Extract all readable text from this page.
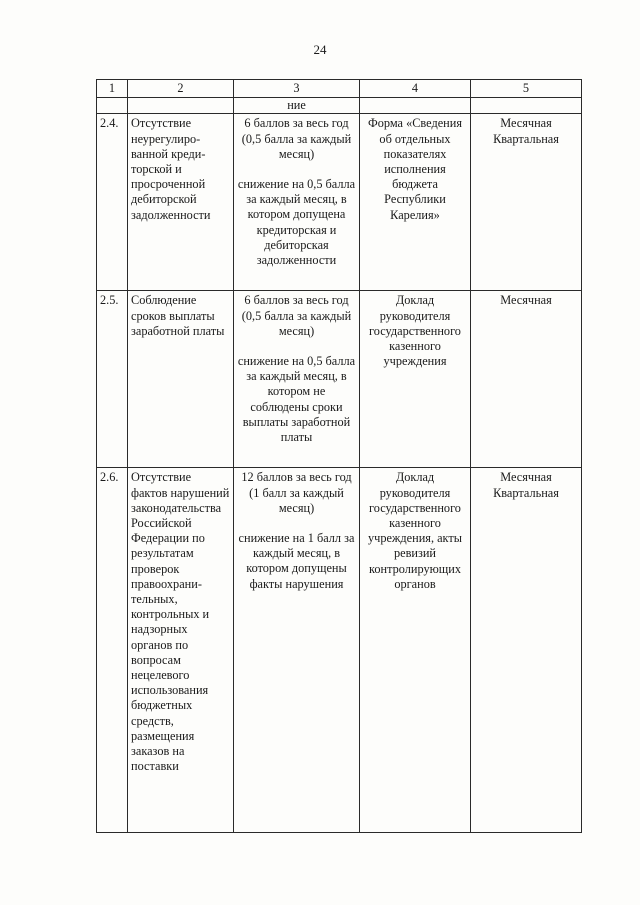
24
1	2	3	4	5
		ние		
2.4.	Отсутствие неурегулированной кредиторской и просроченной дебиторской задолженности	6 баллов за весь год (0,5 балла за каждый месяц)
снижение на 0,5 балла за каждый месяц, в котором допущена кредиторская и дебиторская задолженности	Форма «Сведения об отдельных показателях исполнения бюджета Республики Карелия»	Месячная Квартальная
2.5.	Соблюдение сроков выплаты заработной платы	6 баллов за весь год (0,5 балла за каждый месяц)
снижение на 0,5 балла за каждый месяц, в котором не соблюдены сроки выплаты заработной платы	Доклад руководителя государственного казенного учреждения	Месячная
2.6.	Отсутствие фактов нарушений законодательства Российской Федерации по результатам проверок правоохранительных, контрольных и надзорных органов по вопросам нецелевого использования бюджетных средств, размещения заказов на поставки	12 баллов за весь год (1 балл за каждый месяц)
снижение на 1 балл за каждый месяц, в котором допущены факты нарушения	Доклад руководителя государственного казенного учреждения, акты ревизий контролирующих органов	Месячная Квартальная
